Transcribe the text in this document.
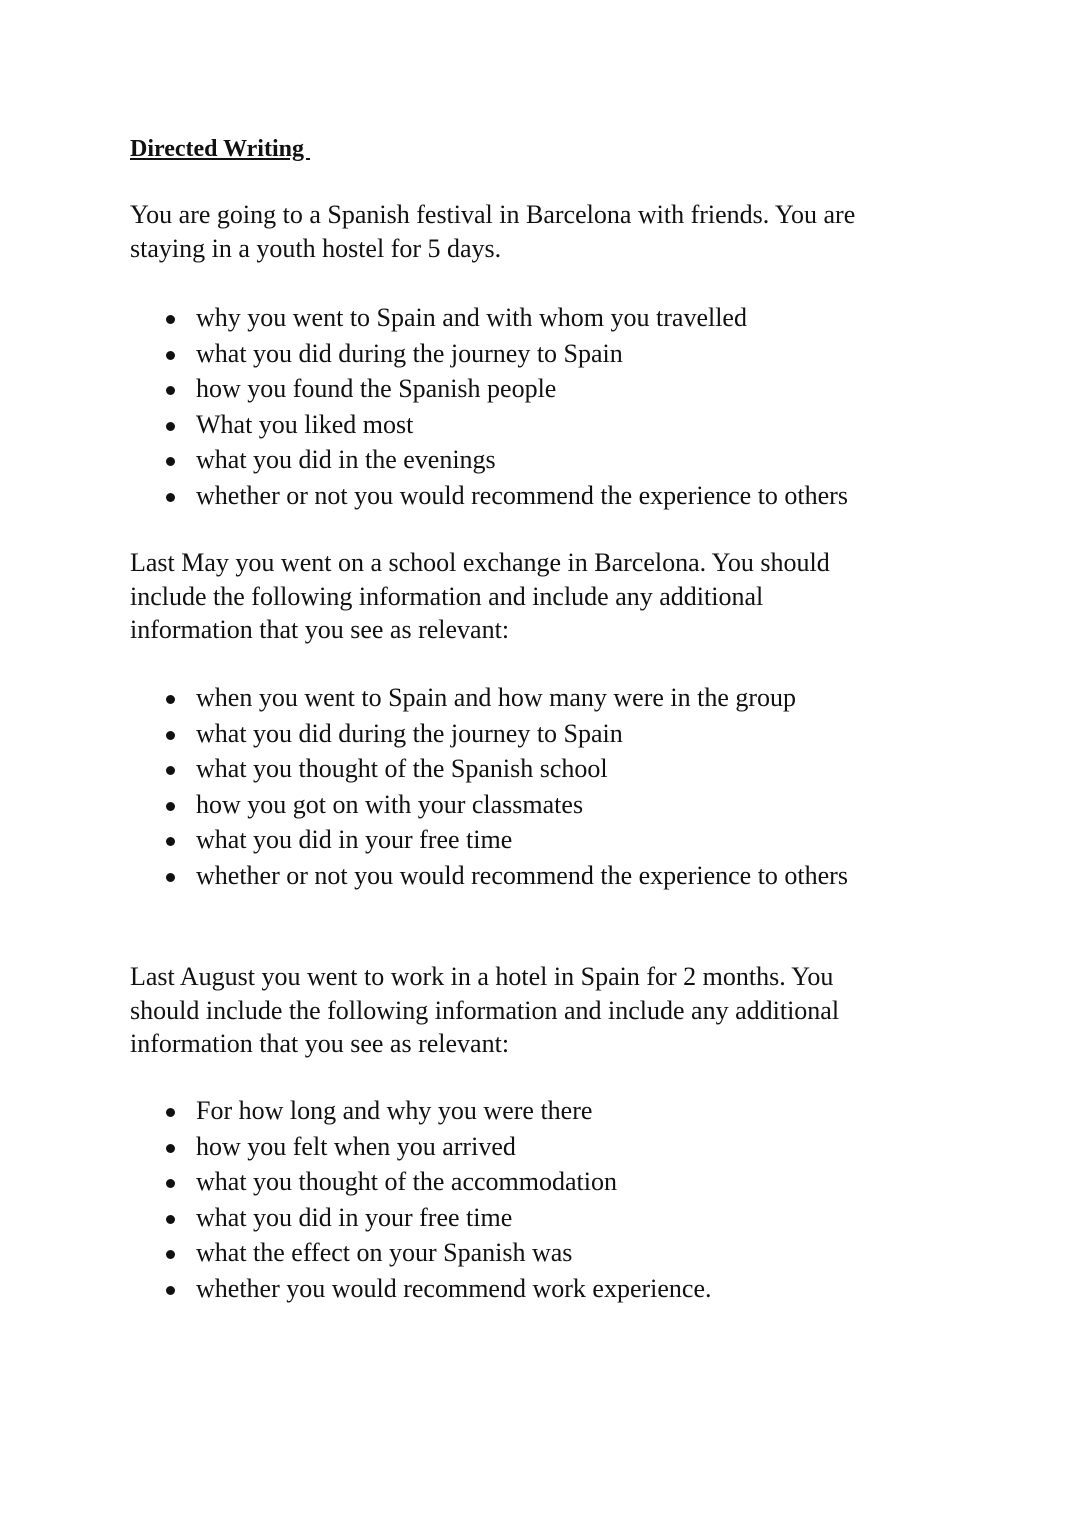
Directed Writing
You are going to a Spanish festival in Barcelona with friends. You are
staying in a youth hostel for 5 days.
why you went to Spain and with whom you travelled
what you did during the journey to Spain
how you found the Spanish people
What you liked most
what you did in the evenings
whether or not you would recommend the experience to others
Last May you went on a school exchange in Barcelona. You should
include the following information and include any additional
information that you see as relevant:
when you went to Spain and how many were in the group
what you did during the journey to Spain
what you thought of the Spanish school
how you got on with your classmates
what you did in your free time
whether or not you would recommend the experience to others
Last August you went to work in a hotel in Spain for 2 months. You
should include the following information and include any additional
information that you see as relevant:
For how long and why you were there
how you felt when you arrived
what you thought of the accommodation
what you did in your free time
what the effect on your Spanish was
whether you would recommend work experience.
